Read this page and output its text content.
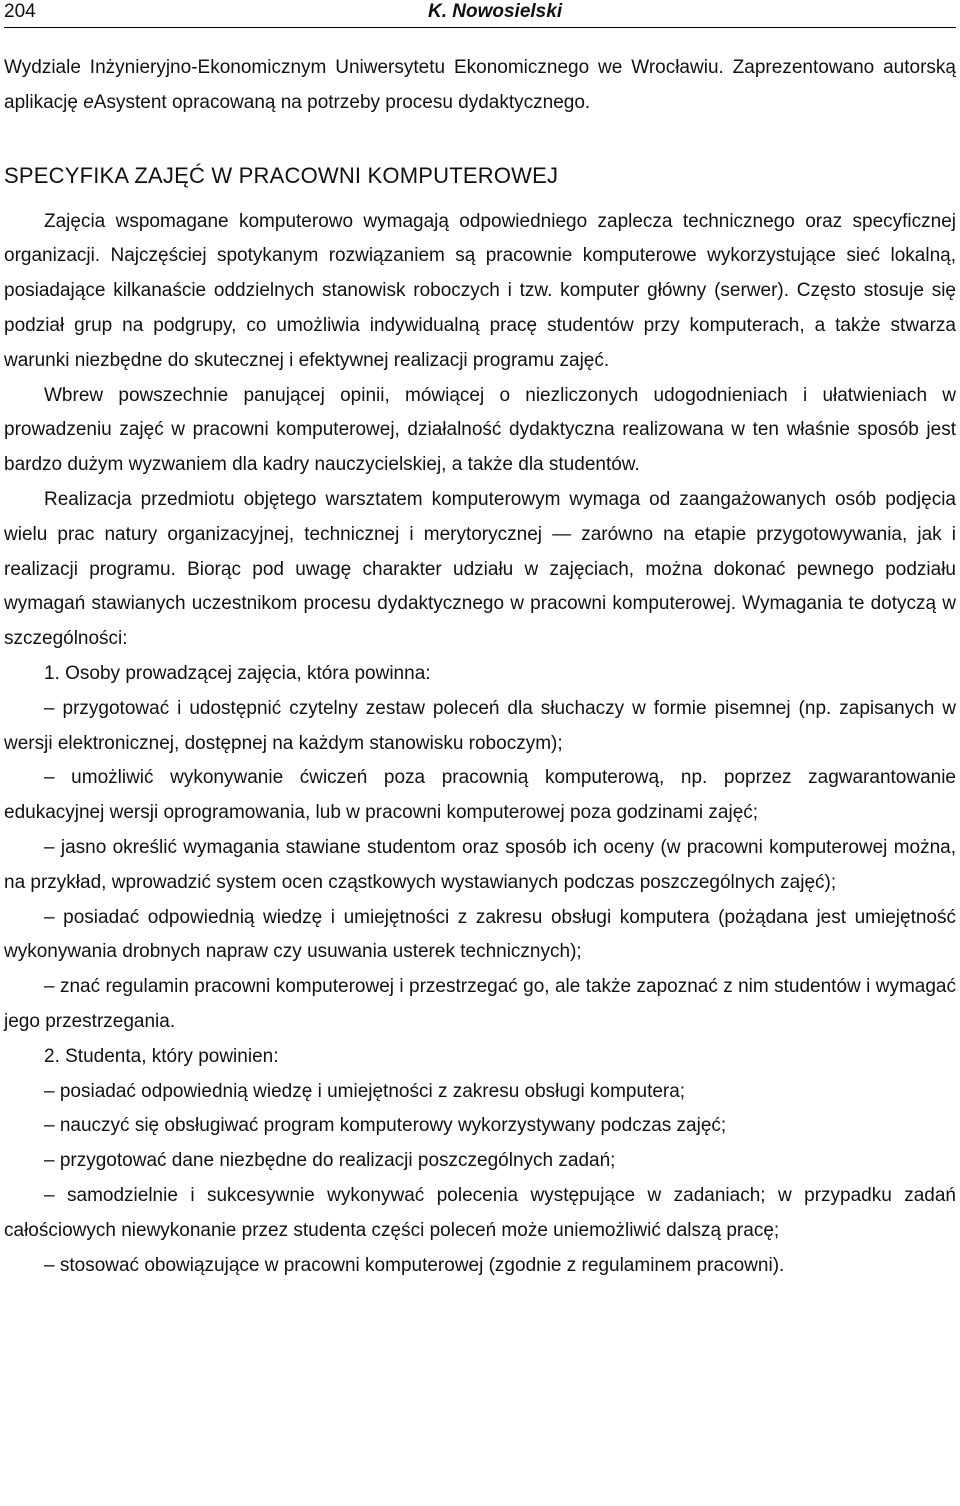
204	K. Nowosielski

Wydziale Inżynieryjno-Ekonomicznym Uniwersytetu Ekonomicznego we Wrocławiu. Zaprezentowano autorską aplikację eAsystent opracowaną na potrzeby procesu dydaktycznego.

SPECYFIKA ZAJĘĆ W PRACOWNI KOMPUTEROWEJ

Zajęcia wspomagane komputerowo wymagają odpowiedniego zaplecza technicznego oraz specyficznej organizacji. Najczęściej spotykanym rozwiązaniem są pracownie komputerowe wykorzystujące sieć lokalną, posiadające kilkanaście oddzielnych stanowisk roboczych i tzw. komputer główny (serwer). Często stosuje się podział grup na podgrupy, co umożliwia indywidualną pracę studentów przy komputerach, a także stwarza warunki niezbędne do skutecznej i efektywnej realizacji programu zajęć.

Wbrew powszechnie panującej opinii, mówiącej o niezliczonych udogodnieniach i ułatwieniach w prowadzeniu zajęć w pracowni komputerowej, działalność dydaktyczna realizowana w ten właśnie sposób jest bardzo dużym wyzwaniem dla kadry nauczycielskiej, a także dla studentów.

Realizacja przedmiotu objętego warsztatem komputerowym wymaga od zaangażowanych osób podjęcia wielu prac natury organizacyjnej, technicznej i merytorycznej — zarówno na etapie przygotowywania, jak i realizacji programu. Biorąc pod uwagę charakter udziału w zajęciach, można dokonać pewnego podziału wymagań stawianych uczestnikom procesu dydaktycznego w pracowni komputerowej. Wymagania te dotyczą w szczególności:

1. Osoby prowadzącej zajęcia, która powinna:

– przygotować i udostępnić czytelny zestaw poleceń dla słuchaczy w formie pisemnej (np. zapisanych w wersji elektronicznej, dostępnej na każdym stanowisku roboczym);

– umożliwić wykonywanie ćwiczeń poza pracownią komputerową, np. poprzez zagwarantowanie edukacyjnej wersji oprogramowania, lub w pracowni komputerowej poza godzinami zajęć;

– jasno określić wymagania stawiane studentom oraz sposób ich oceny (w pracowni komputerowej można, na przykład, wprowadzić system ocen cząstkowych wystawianych podczas poszczególnych zajęć);

– posiadać odpowiednią wiedzę i umiejętności z zakresu obsługi komputera (pożądana jest umiejętność wykonywania drobnych napraw czy usuwania usterek technicznych);

– znać regulamin pracowni komputerowej i przestrzegać go, ale także zapoznać z nim studentów i wymagać jego przestrzegania.

2. Studenta, który powinien:

– posiadać odpowiednią wiedzę i umiejętności z zakresu obsługi komputera;

– nauczyć się obsługiwać program komputerowy wykorzystywany podczas zajęć;

– przygotować dane niezbędne do realizacji poszczególnych zadań;

– samodzielnie i sukcesywnie wykonywać polecenia występujące w zadaniach; w przypadku zadań całościowych niewykonanie przez studenta części poleceń może uniemożliwić dalszą pracę;

– stosować obowiązujące w pracowni komputerowej (zgodnie z regulaminem pracowni).
